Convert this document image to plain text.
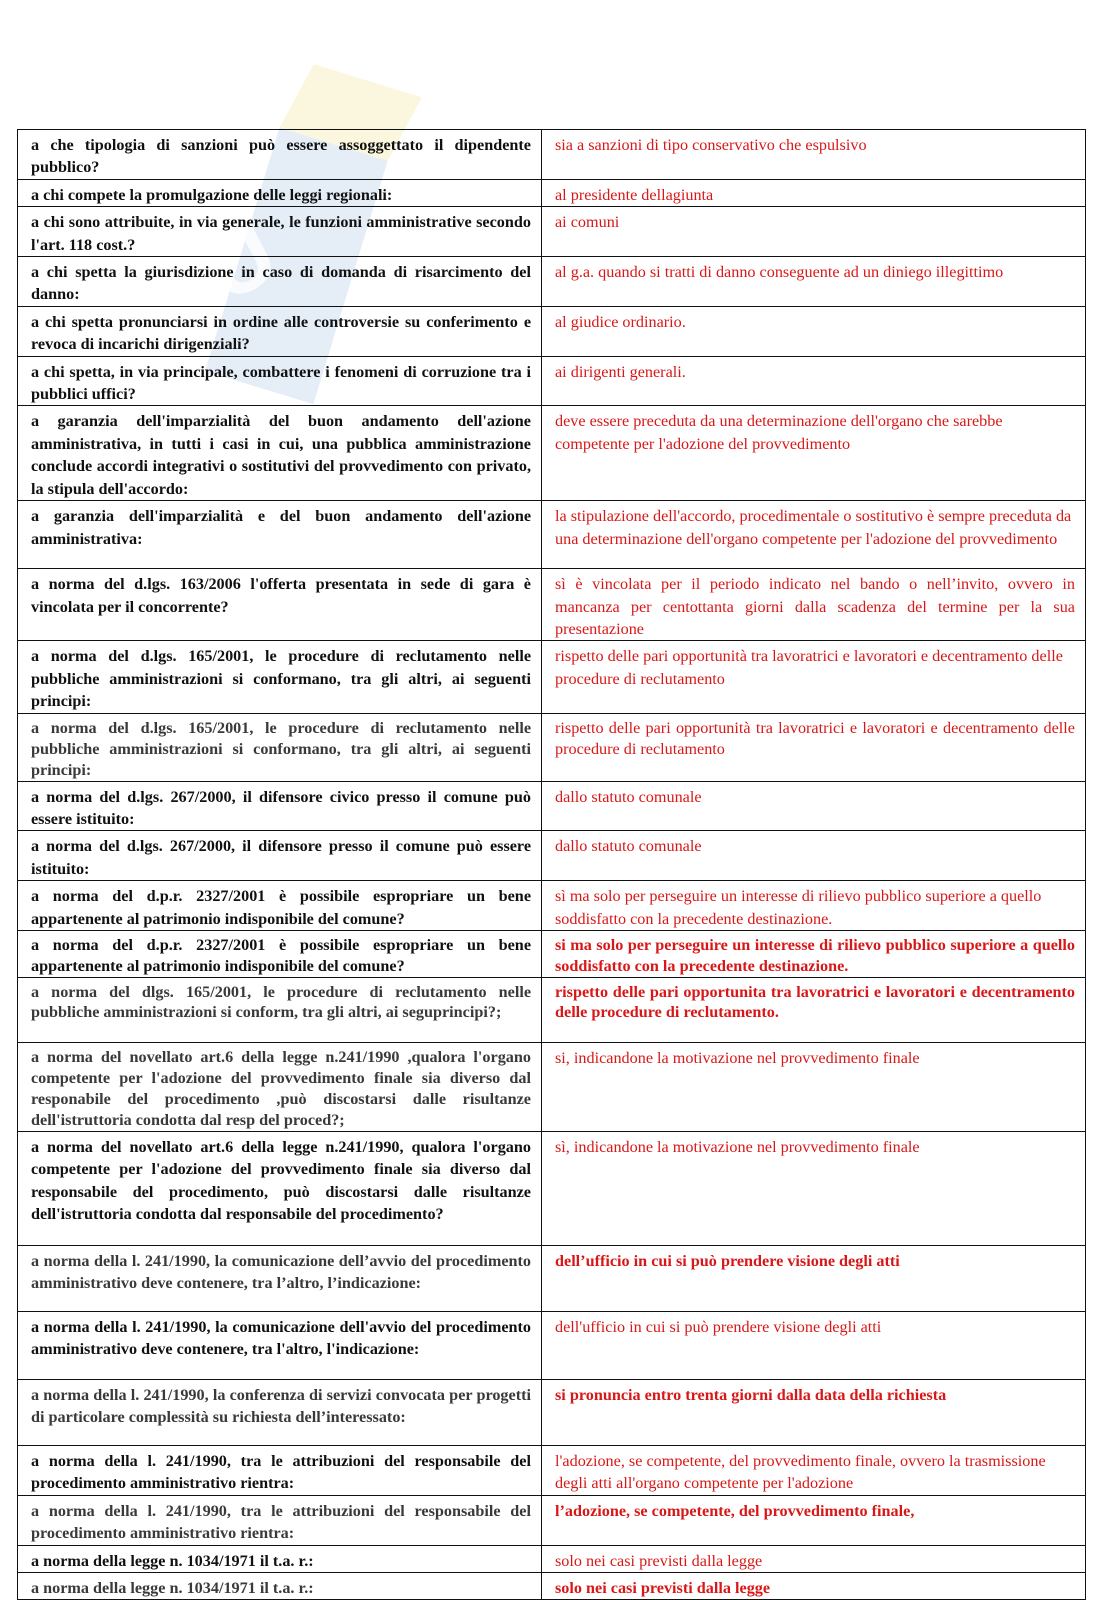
U
a che tipologia di sanzioni può essere assoggettato il dipendente pubblico?	sia a sanzioni di tipo conservativo che espulsivo
a chi compete la promulgazione delle leggi regionali:	al presidente dellagiunta
a chi sono attribuite, in via generale, le funzioni amministrative secondo l'art. 118 cost.?	ai comuni
a chi spetta la giurisdizione in caso di domanda di risarcimento del danno:	al g.a. quando si tratti di danno conseguente ad un diniego illegittimo
a chi spetta pronunciarsi in ordine alle controversie su conferimento e revoca di incarichi dirigenziali?	al giudice ordinario.
a chi spetta, in via principale, combattere i fenomeni di corruzione tra i pubblici uffici?	ai dirigenti generali.
a garanzia dell'imparzialità del buon andamento dell'azione amministrativa, in tutti i casi in cui, una pubblica amministrazione conclude accordi integrativi o sostitutivi del provvedimento con privato, la stipula dell'accordo:	deve essere preceduta da una determinazione dell'organo che sarebbe competente per l'adozione del provvedimento
a garanzia dell'imparzialità e del buon andamento dell'azione amministrativa:	la stipulazione dell'accordo, procedimentale o sostitutivo è sempre preceduta da una determinazione dell'organo competente per l'adozione del provvedimento
a norma del d.lgs. 163/2006 l'offerta presentata in sede di gara è vincolata per il concorrente?	sì è vincolata per il periodo indicato nel bando o nell’invito, ovvero in mancanza per centottanta giorni dalla scadenza del termine per la sua presentazione
a norma del d.lgs. 165/2001, le procedure di reclutamento nelle pubbliche amministrazioni si conformano, tra gli altri, ai seguenti principi:	rispetto delle pari opportunità tra lavoratrici e lavoratori e decentramento delle procedure di reclutamento
a norma del d.lgs. 165/2001, le procedure di reclutamento nelle pubbliche amministrazioni si conformano, tra gli altri, ai seguenti principi:	rispetto delle pari opportunità tra lavoratrici e lavoratori e decentramento delle procedure di reclutamento
a norma del d.lgs. 267/2000, il difensore civico presso il comune può essere istituito:	dallo statuto comunale
a norma del d.lgs. 267/2000, il difensore presso il comune può essere istituito:	dallo statuto comunale
a norma del d.p.r. 2327/2001 è possibile espropriare un bene appartenente al patrimonio indisponibile del comune?	sì ma solo per perseguire un interesse di rilievo pubblico superiore a quello soddisfatto con la precedente destinazione.
a norma del d.p.r. 2327/2001 è possibile espropriare un bene appartenente al patrimonio indisponibile del comune?	si ma solo per perseguire un interesse di rilievo pubblico superiore a quello soddisfatto con la precedente destinazione.
a norma del dlgs. 165/2001, le procedure di reclutamento nelle pubbliche amministrazioni si conform, tra gli altri, ai seguprincipi?;	rispetto delle pari opportunita tra lavoratrici e lavoratori e decentramento delle procedure di reclutamento.
a norma del novellato art.6 della legge n.241/1990 ,qualora l'organo competente per l'adozione del provvedimento finale sia diverso dal responabile del procedimento ,può discostarsi dalle risultanze dell'istruttoria condotta dal resp del proced?;	si, indicandone la motivazione nel provvedimento finale
a norma del novellato art.6 della legge n.241/1990, qualora l'organo competente per l'adozione del provvedimento finale sia diverso dal responsabile del procedimento, può discostarsi dalle risultanze dell'istruttoria condotta dal responsabile del procedimento?	sì, indicandone la motivazione nel provvedimento finale
a norma della l. 241/1990, la comunicazione dell’avvio del procedimento amministrativo deve contenere, tra l’altro, l’indicazione:	dell’ufficio in cui si può prendere visione degli atti
a norma della l. 241/1990, la comunicazione dell'avvio del procedimento amministrativo deve contenere, tra l'altro, l'indicazione:	dell'ufficio in cui si può prendere visione degli atti
a norma della l. 241/1990, la conferenza di servizi convocata per progetti di particolare complessità su richiesta dell’interessato:	si pronuncia entro trenta giorni dalla data della richiesta
a norma della l. 241/1990, tra le attribuzioni del responsabile del procedimento amministrativo rientra:	l'adozione, se competente, del provvedimento finale, ovvero la trasmissione degli atti all'organo competente per l'adozione
a norma della l. 241/1990, tra le attribuzioni del responsabile del procedimento amministrativo rientra:	l’adozione, se competente, del provvedimento finale,
a norma della legge n. 1034/1971 il t.a. r.:	solo nei casi previsti dalla legge
a norma della legge n. 1034/1971 il t.a. r.:	solo nei casi previsti dalla legge
